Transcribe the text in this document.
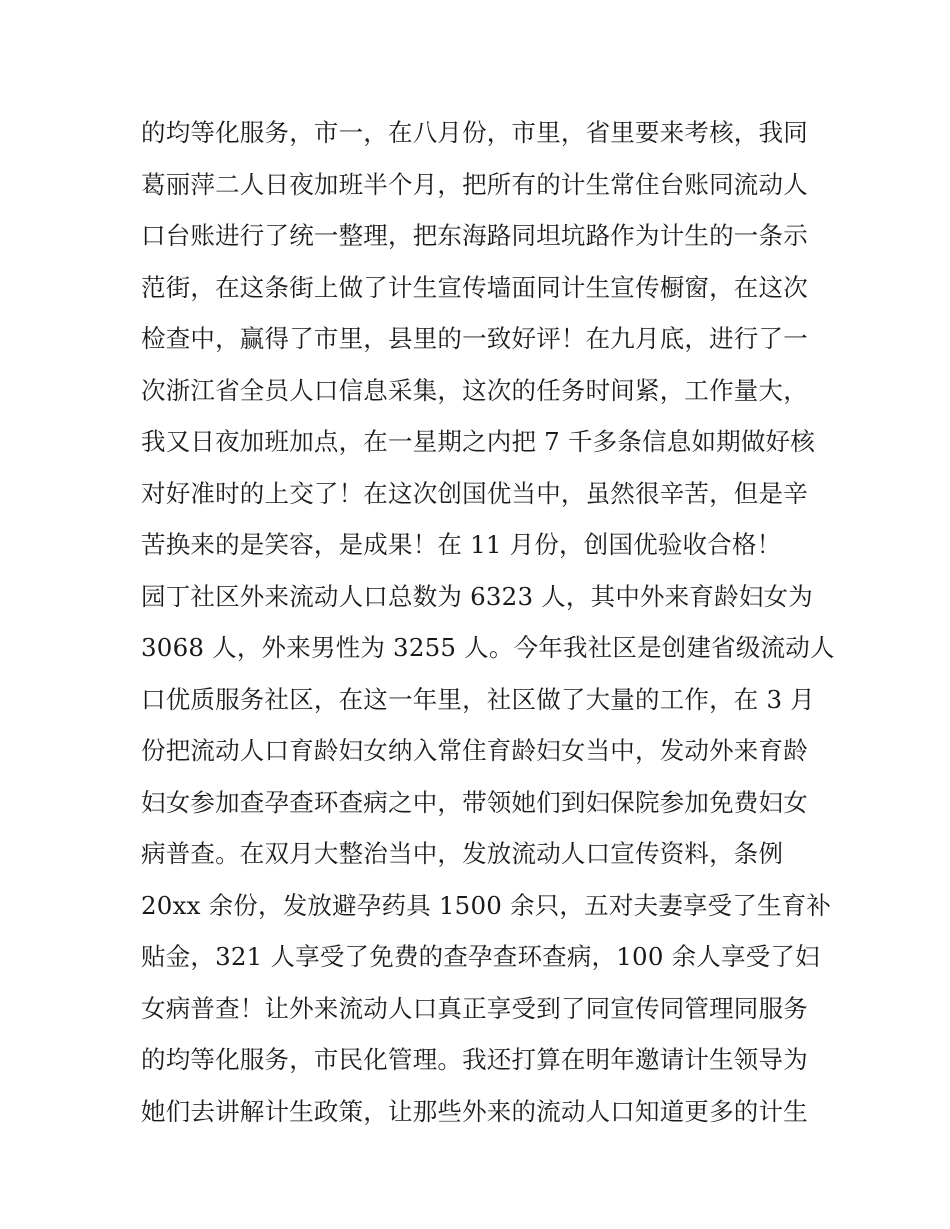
的均等化服务，市一，在八月份，市里，省里要来考核，我同
葛丽萍二人日夜加班半个月，把所有的计生常住台账同流动人
口台账进行了统一整理，把东海路同坦坑路作为计生的一条示
范街，在这条街上做了计生宣传墙面同计生宣传橱窗，在这次
检查中，赢得了市里，县里的一致好评！在九月底，进行了一
次浙江省全员人口信息采集，这次的任务时间紧，工作量大，
我又日夜加班加点，在一星期之内把 7 千多条信息如期做好核
对好准时的上交了！在这次创国优当中，虽然很辛苦，但是辛
苦换来的是笑容，是成果！在 11 月份，创国优验收合格！
园丁社区外来流动人口总数为 6323 人，其中外来育龄妇女为
3068 人，外来男性为 3255 人。今年我社区是创建省级流动人
口优质服务社区，在这一年里，社区做了大量的工作，在 3 月
份把流动人口育龄妇女纳入常住育龄妇女当中，发动外来育龄
妇女参加查孕查环查病之中，带领她们到妇保院参加免费妇女
病普查。在双月大整治当中，发放流动人口宣传资料，条例
20xx 余份，发放避孕药具 1500 余只，五对夫妻享受了生育补
贴金，321 人享受了免费的查孕查环查病，100 余人享受了妇
女病普查！让外来流动人口真正享受到了同宣传同管理同服务
的均等化服务，市民化管理。我还打算在明年邀请计生领导为
她们去讲解计生政策，让那些外来的流动人口知道更多的计生
